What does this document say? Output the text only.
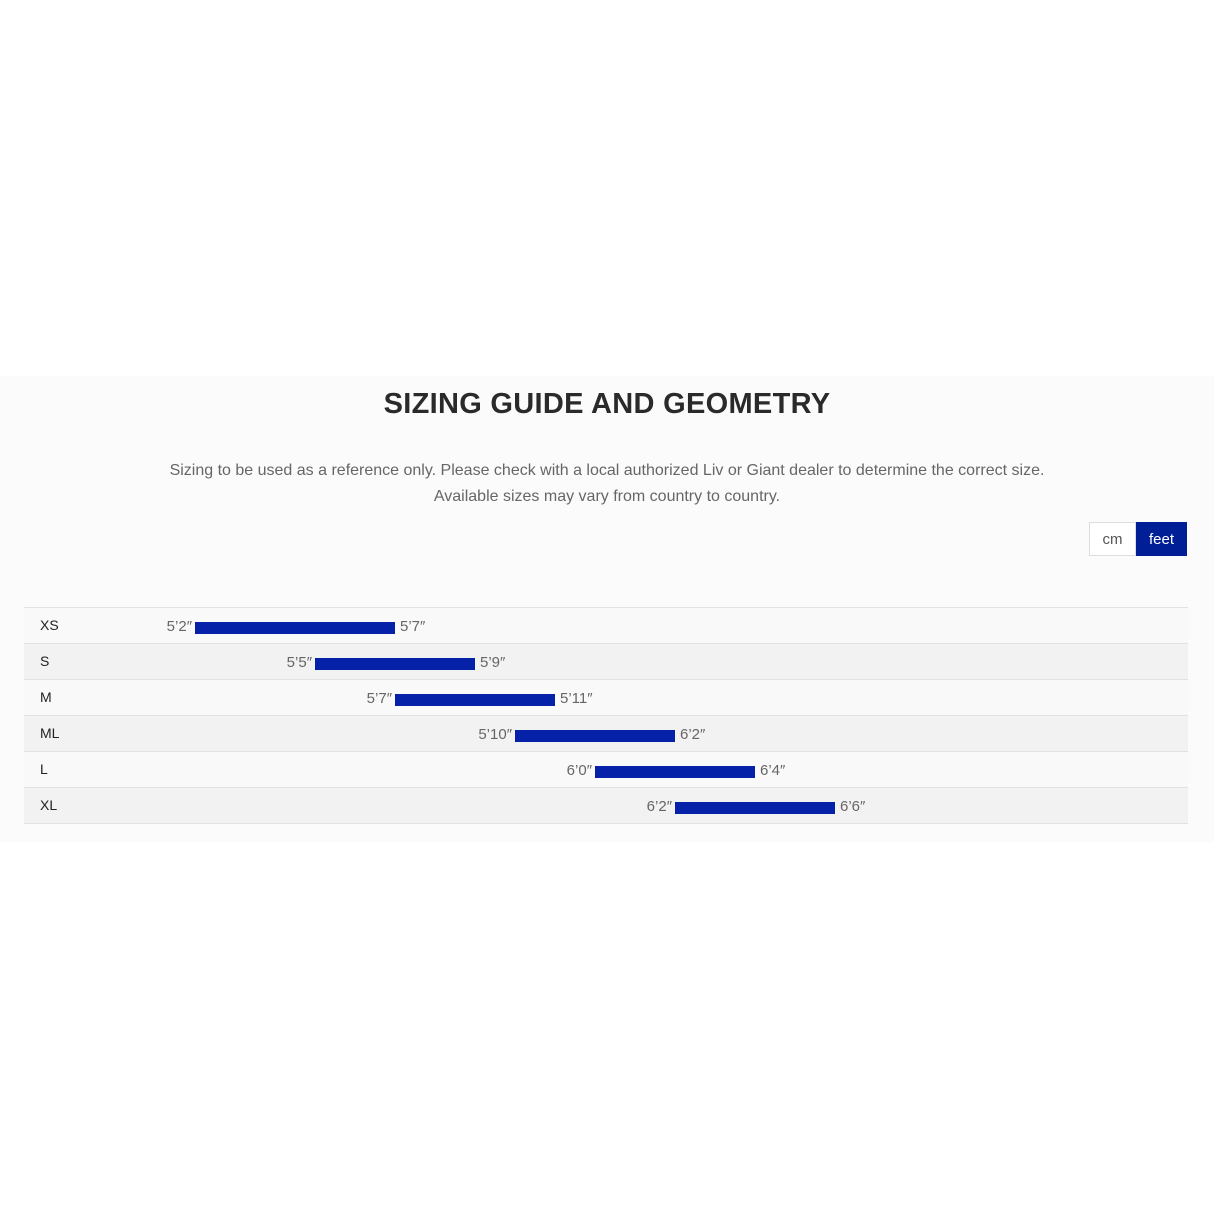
SIZING GUIDE AND GEOMETRY

Sizing to be used as a reference only. Please check with a local authorized Liv or Giant dealer to determine the correct size.

Available sizes may vary from country to country.

cm	feet
XS	5’2″	5’7″
S	5’5″	5’9″
M	5’7″	5’11″
ML	5’10″	6’2″
L	6’0″	6’4″
XL	6’2″	6’6″
